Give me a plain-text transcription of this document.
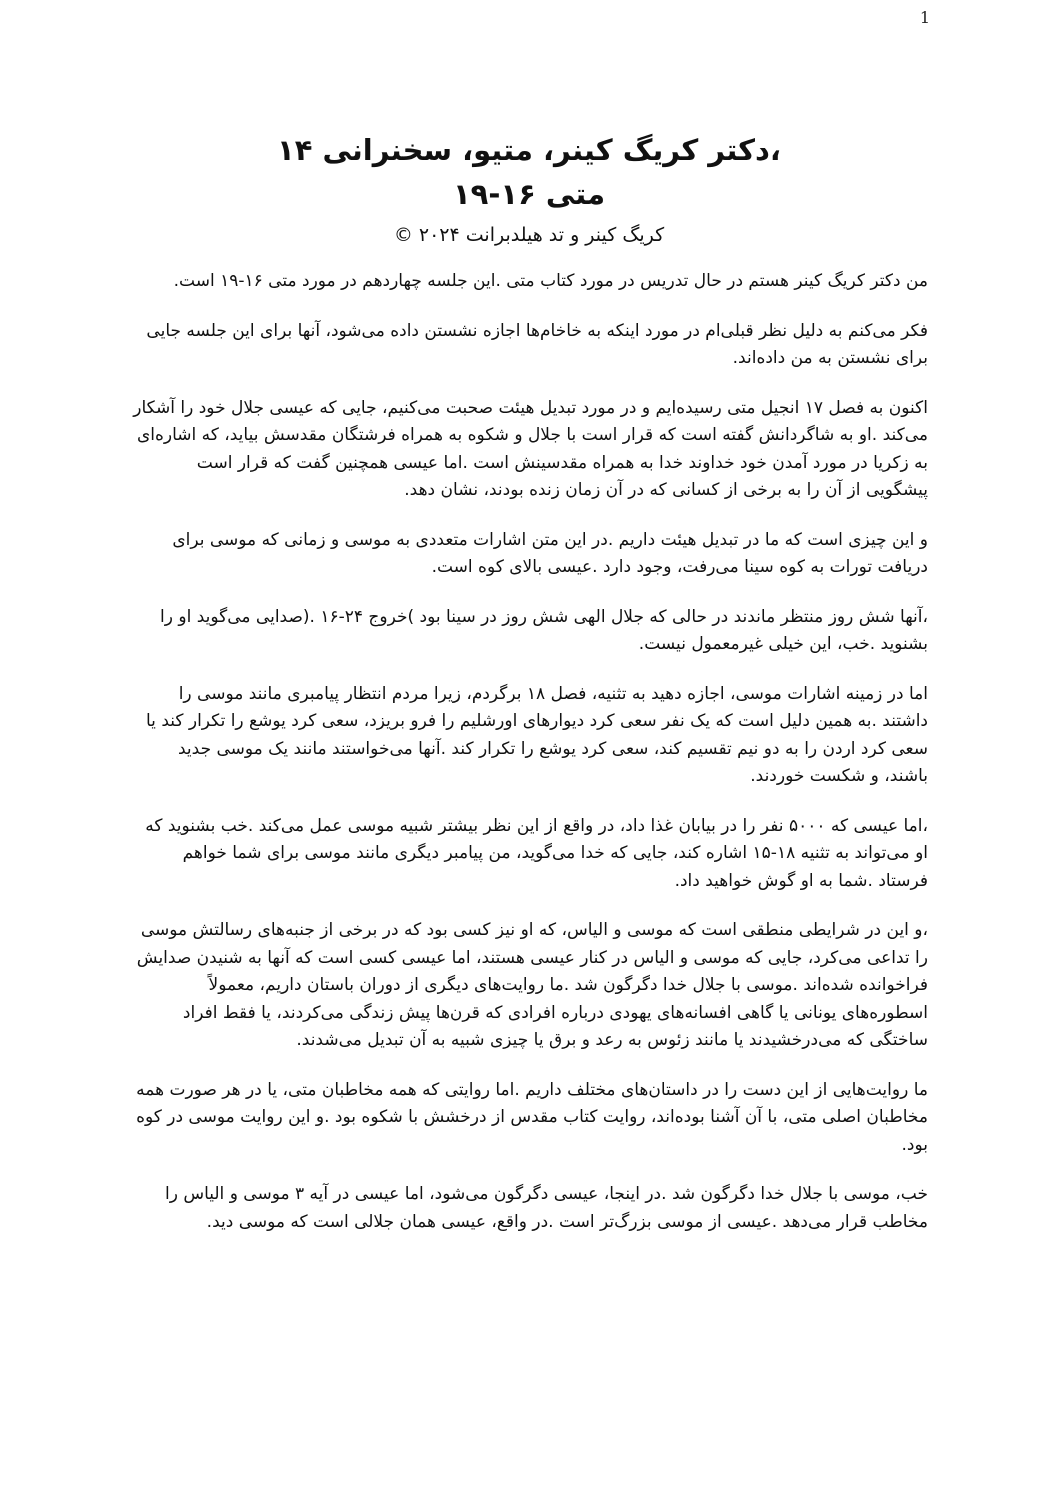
1
،دکتر کریگ کینر، متیو، سخنرانی ۱۴
متی ۱۶-۱۹

کریگ کینر و تد هیلدبرانت ۲۰۲۴ ©

من دکتر کریگ کینر هستم در حال تدریس در مورد کتاب متی .این جلسه چهاردهم در مورد متی ۱۶-۱۹ است.

فکر می‌کنم به دلیل نظر قبلی‌ام در مورد اینکه به خاخام‌ها اجازه نشستن داده می‌شود، آنها برای این جلسه جایی برای نشستن به من داده‌اند.

اکنون به فصل ۱۷ انجیل متی رسیده‌ایم و در مورد تبدیل هیئت صحبت می‌کنیم، جایی که عیسی جلال خود را آشکار می‌کند .او به شاگردانش گفته است که قرار است با جلال و شکوه به همراه فرشتگان مقدسش بیاید، که اشاره‌ای به زکریا در مورد آمدن خود خداوند خدا به همراه مقدسینش است .اما عیسی همچنین گفت که قرار است پیشگویی از آن را به برخی از کسانی که در آن زمان زنده بودند، نشان دهد.

و این چیزی است که ما در تبدیل هیئت داریم .در این متن اشارات متعددی به موسی و زمانی که موسی برای دریافت تورات به کوه سینا می‌رفت، وجود دارد .عیسی بالای کوه است.

،آنها شش روز منتظر ماندند در حالی که جلال الهی شش روز در سینا بود )خروج ۲۴-۱۶ .(صدایی می‌گوید او را بشنوید .خب، این خیلی غیرمعمول نیست.

اما در زمینه اشارات موسی، اجازه دهید به تثنیه، فصل ۱۸ برگردم، زیرا مردم انتظار پیامبری مانند موسی را داشتند .به همین دلیل است که یک نفر سعی کرد دیوارهای اورشلیم را فرو بریزد، سعی کرد یوشع را تکرار کند یا سعی کرد اردن را به دو نیم تقسیم کند، سعی کرد یوشع را تکرار کند .آنها می‌خواستند مانند یک موسی جدید باشند، و شکست خوردند.

،اما عیسی که ۵۰۰۰ نفر را در بیابان غذا داد، در واقع از این نظر بیشتر شبیه موسی عمل می‌کند .خب بشنوید که او می‌تواند به تثنیه ۱۸-۱۵ اشاره کند، جایی که خدا می‌گوید، من پیامبر دیگری مانند موسی برای شما خواهم فرستاد .شما به او گوش خواهید داد.

،و این در شرایطی منطقی است که موسی و الیاس، که او نیز کسی بود که در برخی از جنبه‌های رسالتش موسی را تداعی می‌کرد، جایی که موسی و الیاس در کنار عیسی هستند، اما عیسی کسی است که آنها به شنیدن صدایش فراخوانده شده‌اند .موسی با جلال خدا دگرگون شد .ما روایت‌های دیگری از دوران باستان داریم، معمولاً اسطوره‌های یونانی یا گاهی افسانه‌های یهودی درباره افرادی که قرن‌ها پیش زندگی می‌کردند، یا فقط افراد ساختگی که می‌درخشیدند یا مانند زئوس به رعد و برق یا چیزی شبیه به آن تبدیل می‌شدند.

ما روایت‌هایی از این دست را در داستان‌های مختلف داریم .اما روایتی که همه مخاطبان متی، یا در هر صورت همه مخاطبان اصلی متی، با آن آشنا بوده‌اند، روایت کتاب مقدس از درخشش با شکوه بود .و این روایت موسی در کوه بود.

خب، موسی با جلال خدا دگرگون شد .در اینجا، عیسی دگرگون می‌شود، اما عیسی در آیه ۳ موسی و الیاس را مخاطب قرار می‌دهد .عیسی از موسی بزرگ‌تر است .در واقع، عیسی همان جلالی است که موسی دید.
